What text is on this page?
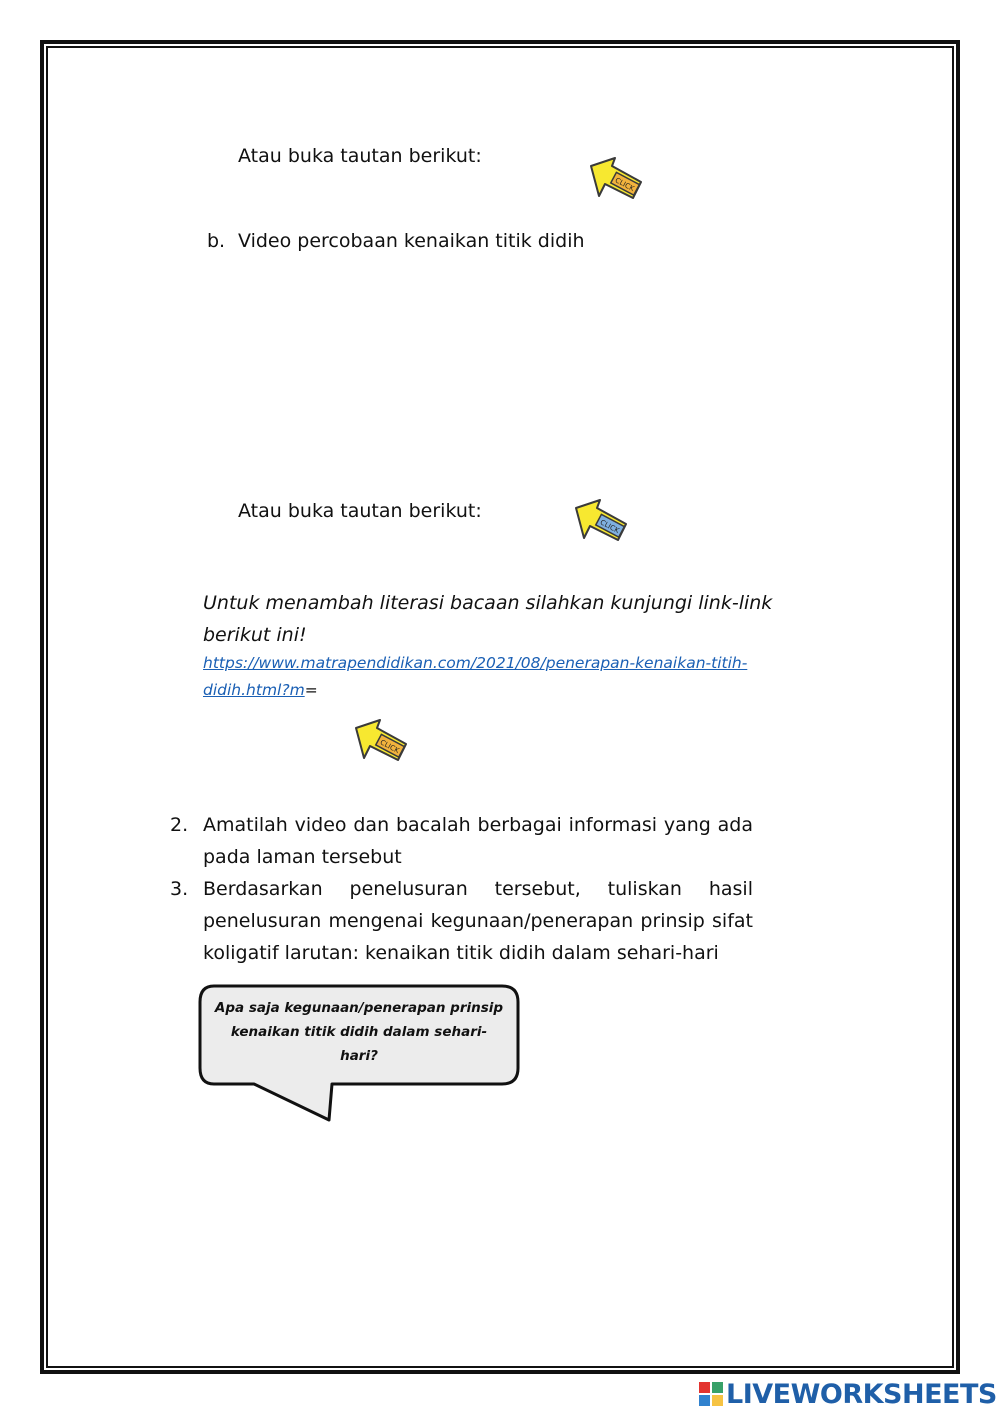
Atau buka tautan berikut:
CLICK
b. Video percobaan kenaikan titik didih
Atau buka tautan berikut:
CLICK
Untuk menambah literasi bacaan silahkan kunjungi link-link
berikut ini!
https://www.matrapendidikan.com/2021/08/penerapan-kenaikan-titih-
didih.html?m=
CLICK
2. Amatilah video dan bacalah berbagai informasi yang ada
pada laman tersebut
3. Berdasarkan penelusuran tersebut, tuliskan hasil
penelusuran mengenai kegunaan/penerapan prinsip sifat
koligatif larutan: kenaikan titik didih dalam sehari-hari
Apa saja kegunaan/penerapan prinsip
kenaikan titik didih dalam sehari-
hari?
LIVEWORKSHEETS
